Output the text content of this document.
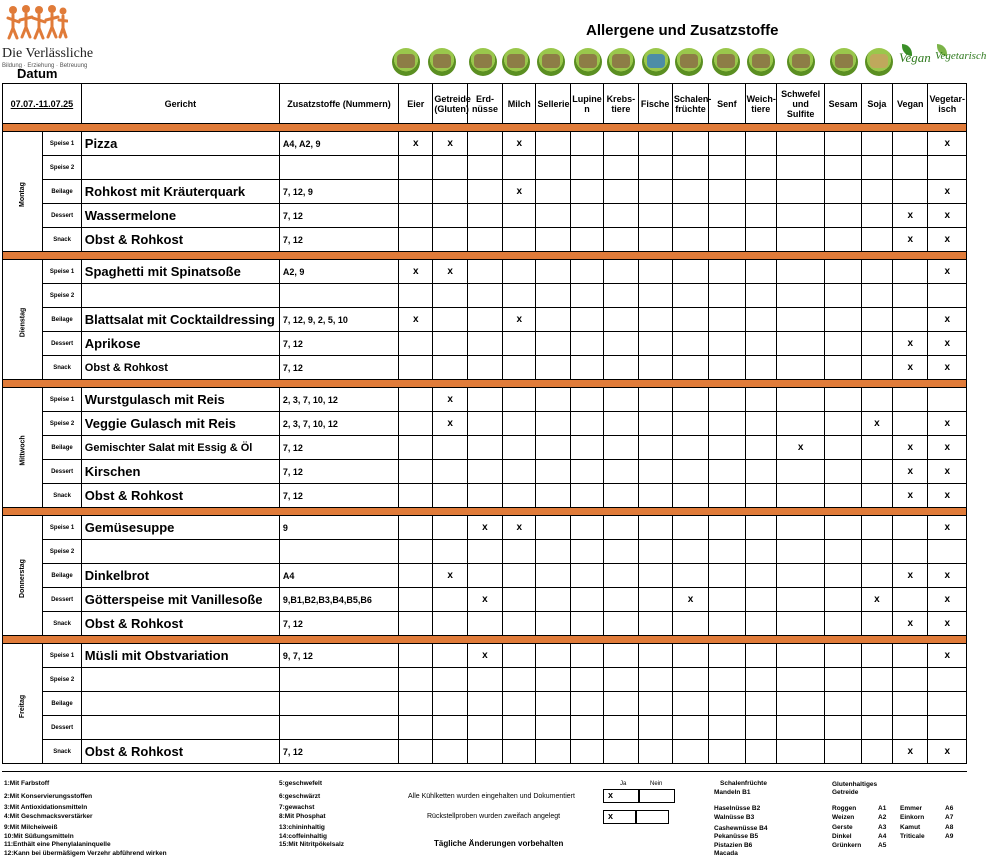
Die Verlässliche
Bildung · Erziehung · Betreuung
Datum
Allergene und Zusatzstoffe
Vegan Vegetarisch
07.07.-11.07.25		Gericht	Zusatzstoffe (Nummern)	Eier	Getreide (Gluten)	Erd- nüsse	Milch	Sellerie	Lupine n	Krebs- tiere	Fische	Schalen- früchte	Senf	Weich- tiere	Schwefel und Sulfite	Sesam	Soja	Vegan	Vegetar- isch

Montag	Speise 1	Pizza	A4, A2, 9	x	x		x												x
	Speise 2																		
	Beilage	Rohkost mit Kräuterquark	7, 12, 9				x												x
	Dessert	Wassermelone	7, 12															x	x
	Snack	Obst & Rohkost	7, 12															x	x

Dienstag	Speise 1	Spaghetti mit Spinatsoße	A2, 9	x	x														x
	Speise 2																		
	Beilage	Blattsalat mit Cocktaildressing	7, 12, 9, 2, 5, 10	x			x												x
	Dessert	Aprikose	7, 12															x	x
	Snack	Obst & Rohkost	7, 12															x	x

Mittwoch	Speise 1	Wurstgulasch mit Reis	2, 3, 7, 10, 12		x														
	Speise 2	Veggie Gulasch mit Reis	2, 3, 7, 10, 12		x												x		x
	Beilage	Gemischter Salat mit Essig & Öl	7, 12												x			x	x
	Dessert	Kirschen	7, 12															x	x
	Snack	Obst & Rohkost	7, 12															x	x

Donnerstag	Speise 1	Gemüsesuppe	9			x	x												x
	Speise 2																		
	Beilage	Dinkelbrot	A4		x													x	x
	Dessert	Götterspeise mit Vanillesoße	9,B1,B2,B3,B4,B5,B6			x						x					x		x
	Snack	Obst & Rohkost	7, 12															x	x

Freitag	Speise 1	Müsli mit Obstvariation	9, 7, 12			x													x
	Speise 2																		
	Beilage																		
	Dessert																		
	Snack	Obst & Rohkost	7, 12															x	x
1:Mit Farbstoff
2:Mit Konservierungsstoffen
3:Mit Antioxidationsmitteln
4:Mit Geschmacksverstärker
9:Mit Milcheiweiß
10:Mit Süßungsmitteln
11:Enthält eine Phenylalaninquelle
12:Kann bei übermäßigem Verzehr abführend wirken
5:geschwefelt
6:geschwärzt
7:gewachst
8:Mit Phosphat
13:chininhaltig
14:coffeinhaltig
15:Mit Nitritpökelsalz
Ja	Nein
Alle Kühlketten wurden eingehalten und Dokumentiert	x
Rückstellproben wurden zweifach angelegt	x
Tägliche Änderungen vorbehalten
Schalenfrüchte
Mandeln B1
Haselnüsse B2
Walnüsse B3
Cashewnüsse B4
Pekanüsse B5
Pistazien B6
Macada
Glutenhaltiges Getreide
Roggen	A1 Emmer	A6
Weizen	A2 Einkorn	A7
Gerste	A3 Kamut	A8
Dinkel	A4 Triticale	A9
Grünkern	A5
